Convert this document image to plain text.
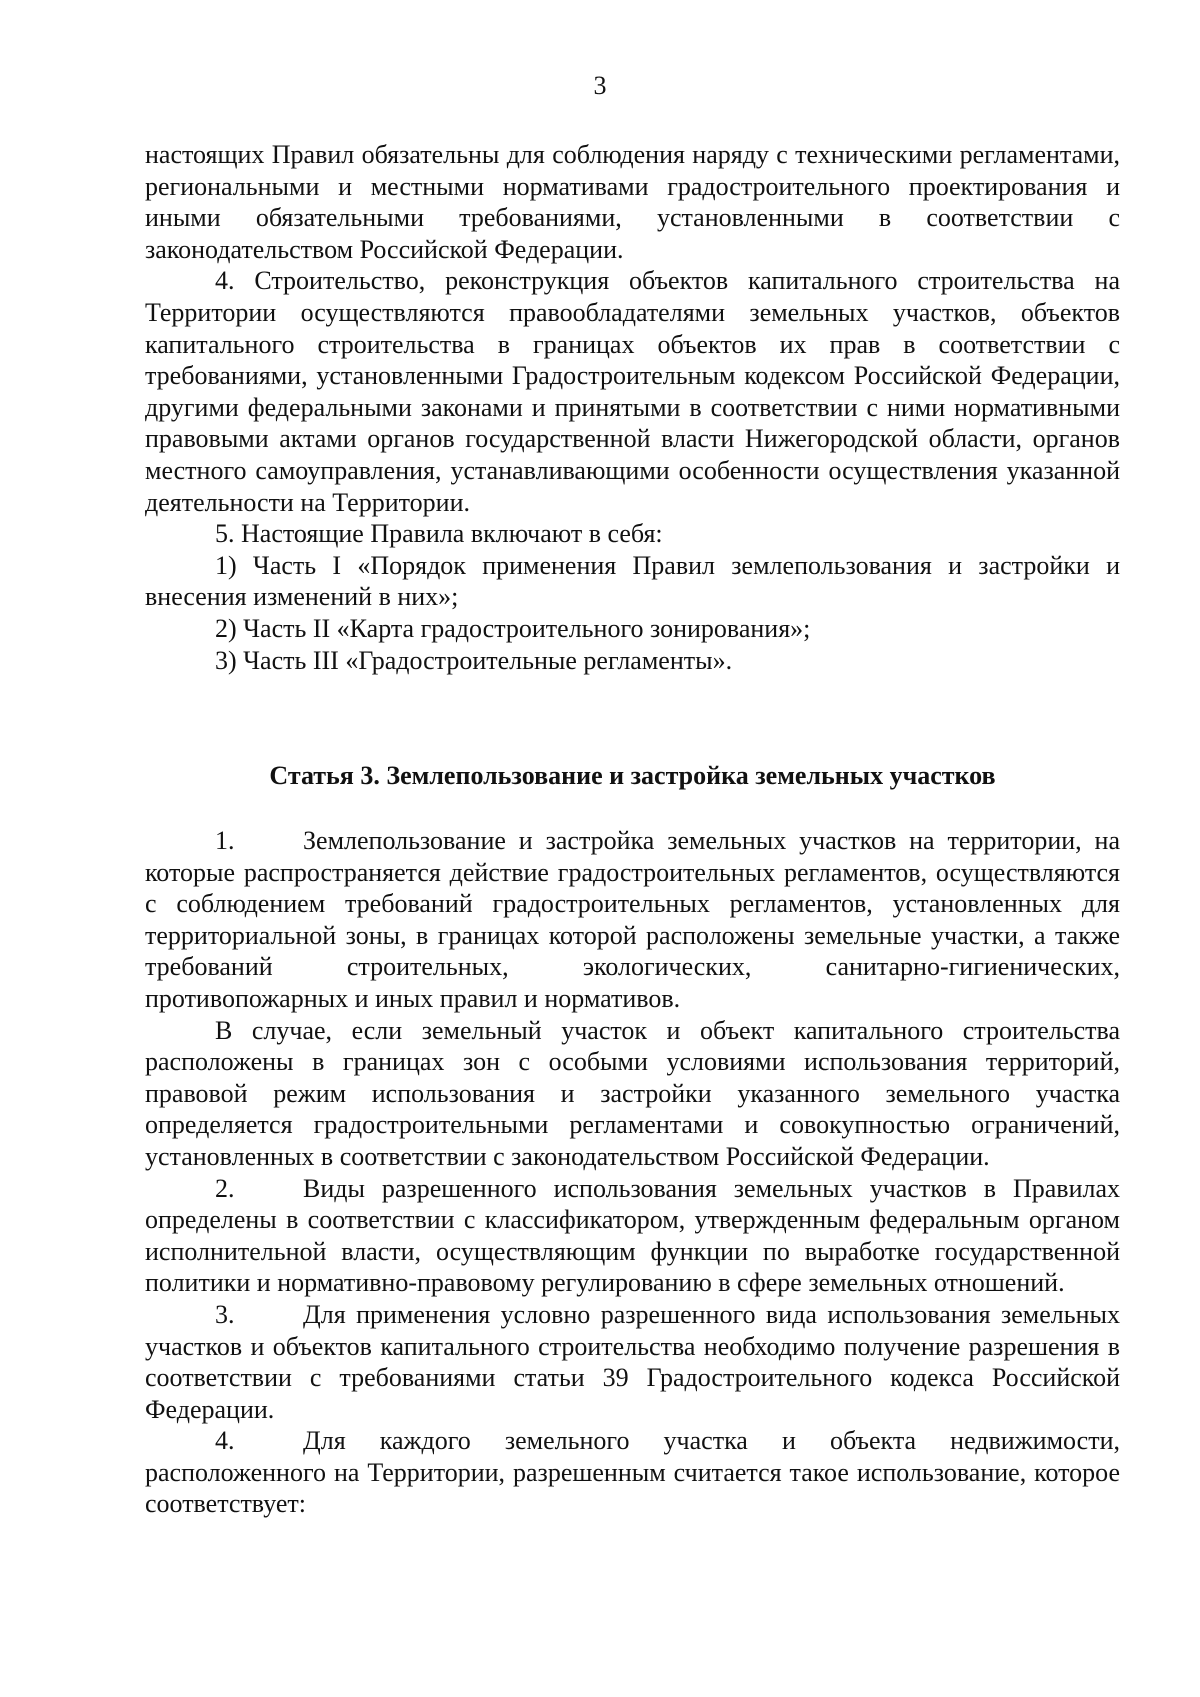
3

настоящих Правил обязательны для соблюдения наряду с техническими регламентами, региональными и местными нормативами градостроительного проектирования и иными обязательными требованиями, установленными в соответствии с законодательством Российской Федерации.

4. Строительство, реконструкция объектов капитального строительства на Территории осуществляются правообладателями земельных участков, объектов капитального строительства в границах объектов их прав в соответствии с требованиями, установленными Градостроительным кодексом Российской Федерации, другими федеральными законами и принятыми в соответствии с ними нормативными правовыми актами органов государственной власти Нижегородской области, органов местного самоуправления, устанавливающими особенности осуществления указанной деятельности на Территории.

5. Настоящие Правила включают в себя:

1) Часть I «Порядок применения Правил землепользования и застройки и внесения изменений в них»;

2) Часть II «Карта градостроительного зонирования»;

3) Часть III «Градостроительные регламенты».

Статья 3. Землепользование и застройка земельных участков

1.	Землепользование и застройка земельных участков на территории, на которые распространяется действие градостроительных регламентов, осуществляются с соблюдением требований градостроительных регламентов, установленных для территориальной зоны, в границах которой расположены земельные участки, а также требований строительных, экологических, санитарно-гигиенических, противопожарных и иных правил и нормативов.

В случае, если земельный участок и объект капитального строительства расположены в границах зон с особыми условиями использования территорий, правовой режим использования и застройки указанного земельного участка определяется градостроительными регламентами и совокупностью ограничений, установленных в соответствии с законодательством Российской Федерации.

2.	Виды разрешенного использования земельных участков в Правилах определены в соответствии с классификатором, утвержденным федеральным органом исполнительной власти, осуществляющим функции по выработке государственной политики и нормативно-правовому регулированию в сфере земельных отношений.

3.	Для применения условно разрешенного вида использования земельных участков и объектов капитального строительства необходимо получение разрешения в соответствии с требованиями статьи 39 Градостроительного кодекса Российской Федерации.

4.	Для каждого земельного участка и объекта недвижимости, расположенного на Территории, разрешенным считается такое использование, которое соответствует:
